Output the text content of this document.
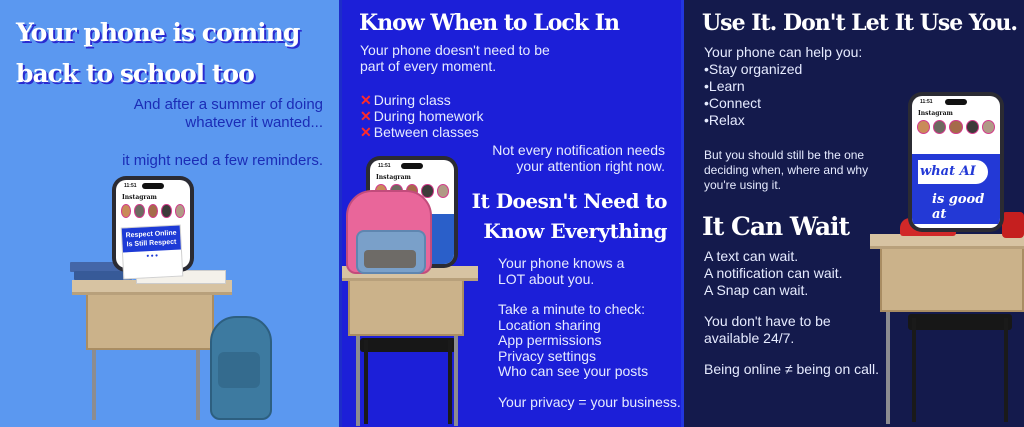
Your phone is coming
back to school too
And after a summer of doing
whatever it wanted...
it might need a few reminders.
11:51
Instagram
Respect Online
Is Still Respect
● ● ●
Know When to Lock In
Your phone doesn't need to be
part of every moment.
✕ During class
✕ During homework
✕ Between classes
Not every notification needs
your attention right now.
It Doesn't Need to
Know Everything
Your phone knows a
LOT about you.
Take a minute to check:
Location sharing
App permissions
Privacy settings
Who can see your posts
Your privacy = your business.
11:51
Instagram
Use It. Don't Let It Use You.
Your phone can help you:
•Stay organized
•Learn
•Connect
•Relax
But you should still be the one
deciding when, where and why
you're using it.
It Can Wait
A text can wait.
A notification can wait.
A Snap can wait.
You don't have to be
available 24/7.
Being online ≠ being on call.
11:51
Instagram
what AI
is good at
